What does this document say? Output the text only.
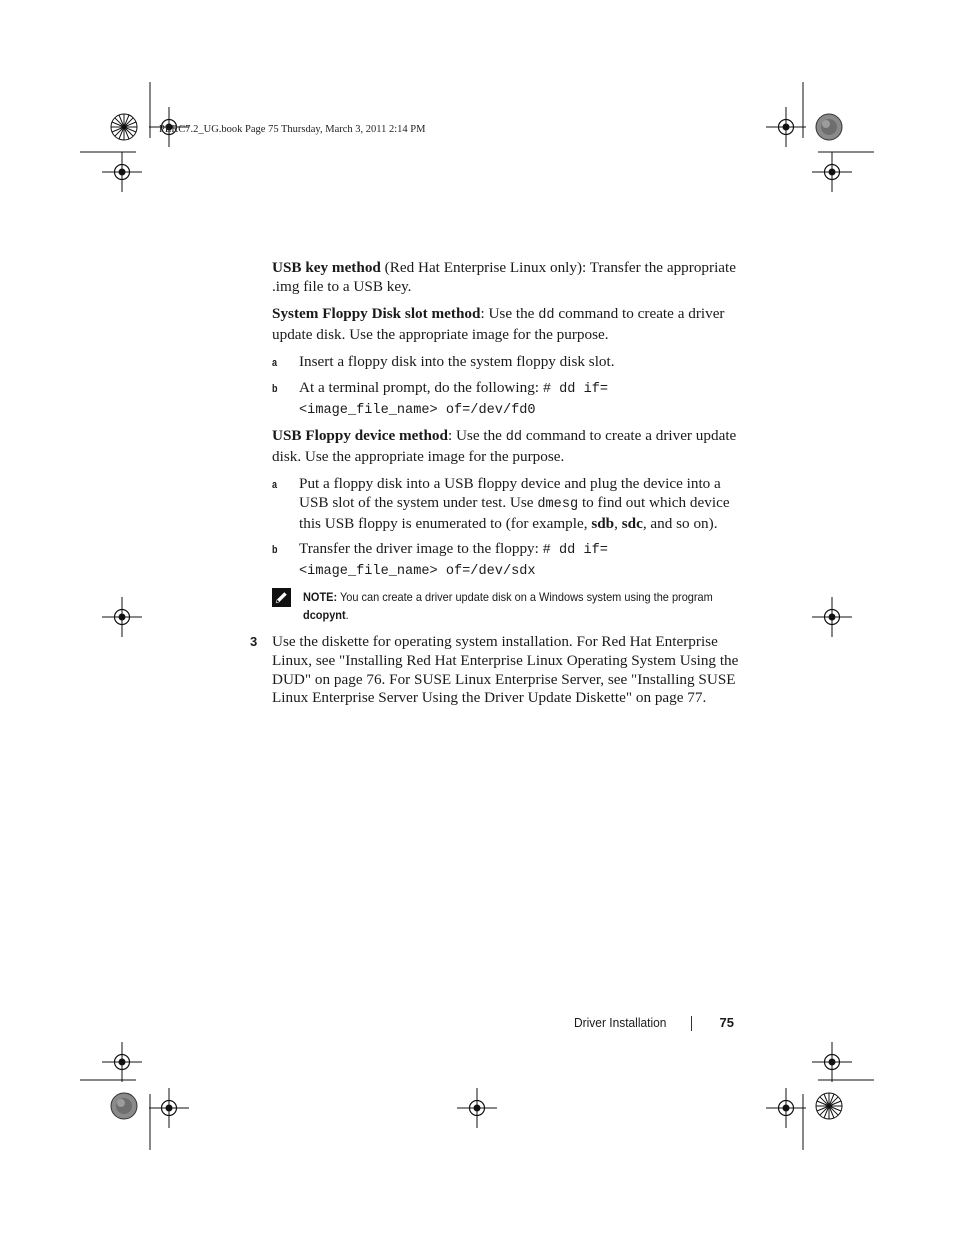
PERC7.2_UG.book Page 75 Thursday, March 3, 2011 2:14 PM

USB key method (Red Hat Enterprise Linux only): Transfer the appropriate .img file to a USB key.

System Floppy Disk slot method: Use the dd command to create a driver update disk. Use the appropriate image for the purpose.

a Insert a floppy disk into the system floppy disk slot.
b At a terminal prompt, do the following: # dd if=
<image_file_name> of=/dev/fd0

USB Floppy device method: Use the dd command to create a driver update disk. Use the appropriate image for the purpose.

a Put a floppy disk into a USB floppy device and plug the device into a USB slot of the system under test. Use dmesg to find out which device this USB floppy is enumerated to (for example, sdb, sdc, and so on).
b Transfer the driver image to the floppy: # dd if=
<image_file_name> of=/dev/sdx
NOTE: You can create a driver update disk on a Windows system using the program dcopynt.
3 Use the diskette for operating system installation. For Red Hat Enterprise Linux, see "Installing Red Hat Enterprise Linux Operating System Using the DUD" on page 76. For SUSE Linux Enterprise Server, see "Installing SUSE Linux Enterprise Server Using the Driver Update Diskette" on page 77.
Driver Installation	75
